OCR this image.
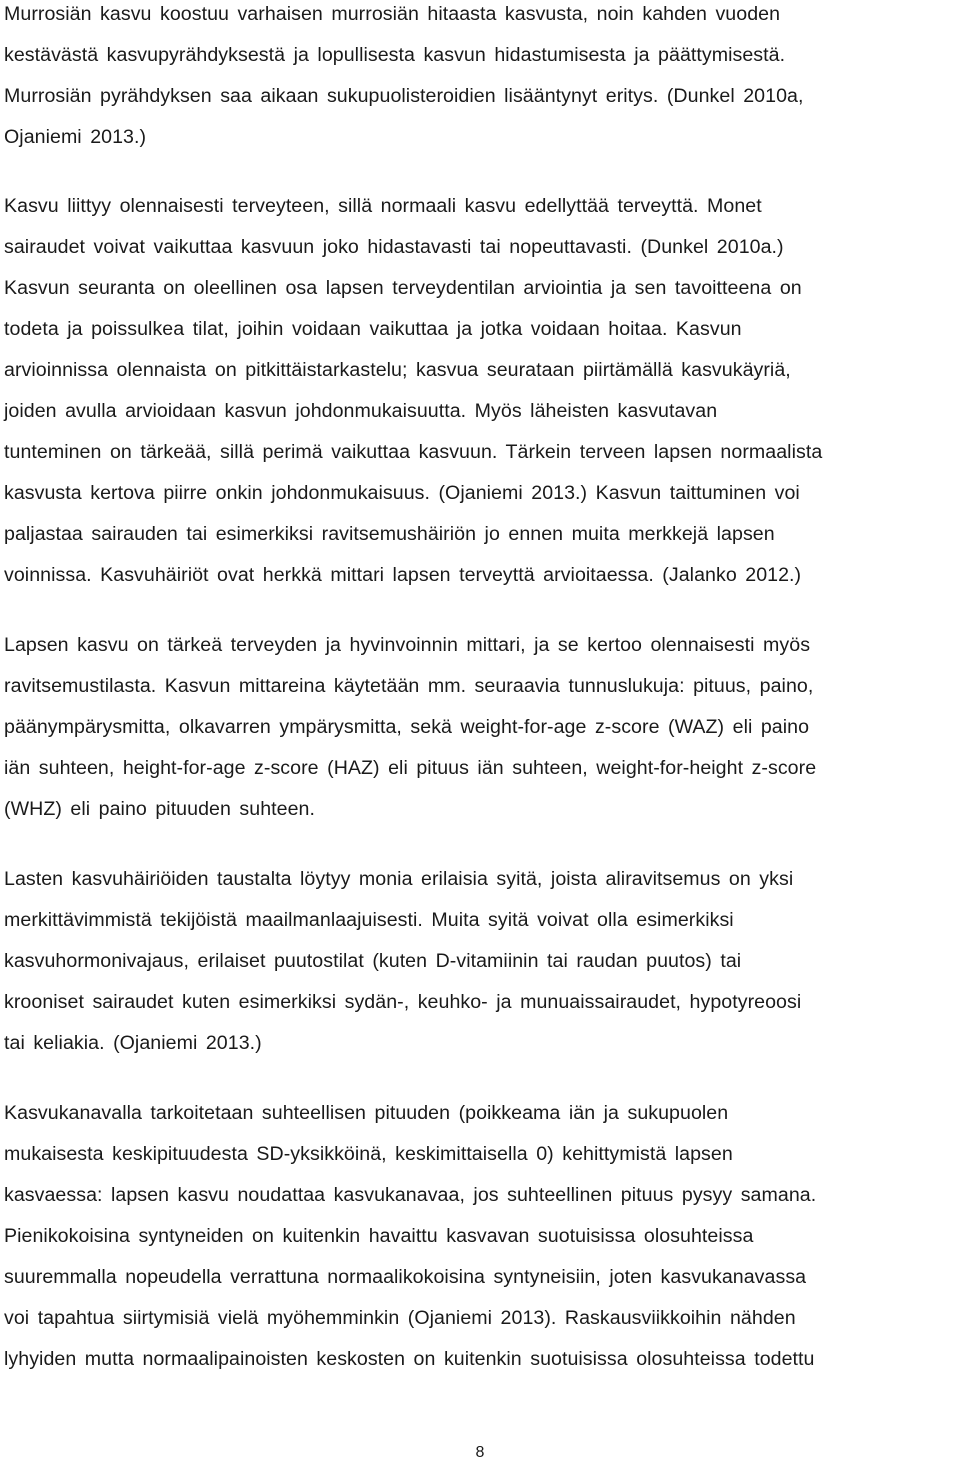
Murrosiän kasvu koostuu varhaisen murrosiän hitaasta kasvusta, noin kahden vuoden
kestävästä kasvupyrähdyksestä ja lopullisesta kasvun hidastumisesta ja päättymisestä.
Murrosiän pyrähdyksen saa aikaan sukupuolisteroidien lisääntynyt eritys. (Dunkel 2010a,
Ojaniemi 2013.)
Kasvu liittyy olennaisesti terveyteen, sillä normaali kasvu edellyttää terveyttä. Monet
sairaudet voivat vaikuttaa kasvuun joko hidastavasti tai nopeuttavasti. (Dunkel 2010a.)
Kasvun seuranta on oleellinen osa lapsen terveydentilan arviointia ja sen tavoitteena on
todeta ja poissulkea tilat, joihin voidaan vaikuttaa ja jotka voidaan hoitaa. Kasvun
arvioinnissa olennaista on pitkittäistarkastelu; kasvua seurataan piirtämällä kasvukäyriä,
joiden avulla arvioidaan kasvun johdonmukaisuutta. Myös läheisten kasvutavan
tunteminen on tärkeää, sillä perimä vaikuttaa kasvuun. Tärkein terveen lapsen normaalista
kasvusta kertova piirre onkin johdonmukaisuus. (Ojaniemi 2013.) Kasvun taittuminen voi
paljastaa sairauden tai esimerkiksi ravitsemushäiriön jo ennen muita merkkejä lapsen
voinnissa. Kasvuhäiriöt ovat herkkä mittari lapsen terveyttä arvioitaessa. (Jalanko 2012.)
Lapsen kasvu on tärkeä terveyden ja hyvinvoinnin mittari, ja se kertoo olennaisesti myös
ravitsemustilasta. Kasvun mittareina käytetään mm. seuraavia tunnuslukuja: pituus, paino,
päänympärysmitta, olkavarren ympärysmitta, sekä weight-for-age z-score (WAZ) eli paino
iän suhteen, height-for-age z-score (HAZ) eli pituus iän suhteen, weight-for-height z-score
(WHZ) eli paino pituuden suhteen.
Lasten kasvuhäiriöiden taustalta löytyy monia erilaisia syitä, joista aliravitsemus on yksi
merkittävimmistä tekijöistä maailmanlaajuisesti. Muita syitä voivat olla esimerkiksi
kasvuhormonivajaus, erilaiset puutostilat (kuten D-vitamiinin tai raudan puutos) tai
krooniset sairaudet kuten esimerkiksi sydän-, keuhko- ja munuaissairaudet, hypotyreoosi
tai keliakia. (Ojaniemi 2013.)
Kasvukanavalla tarkoitetaan suhteellisen pituuden (poikkeama iän ja sukupuolen
mukaisesta keskipituudesta SD-yksikköinä, keskimittaisella 0) kehittymistä lapsen
kasvaessa: lapsen kasvu noudattaa kasvukanavaa, jos suhteellinen pituus pysyy samana.
Pienikokoisina syntyneiden on kuitenkin havaittu kasvavan suotuisissa olosuhteissa
suuremmalla nopeudella verrattuna normaalikokoisina syntyneisiin, joten kasvukanavassa
voi tapahtua siirtymisiä vielä myöhemminkin (Ojaniemi 2013). Raskausviikkoihin nähden
lyhyiden mutta normaalipainoisten keskosten on kuitenkin suotuisissa olosuhteissa todettu
8
